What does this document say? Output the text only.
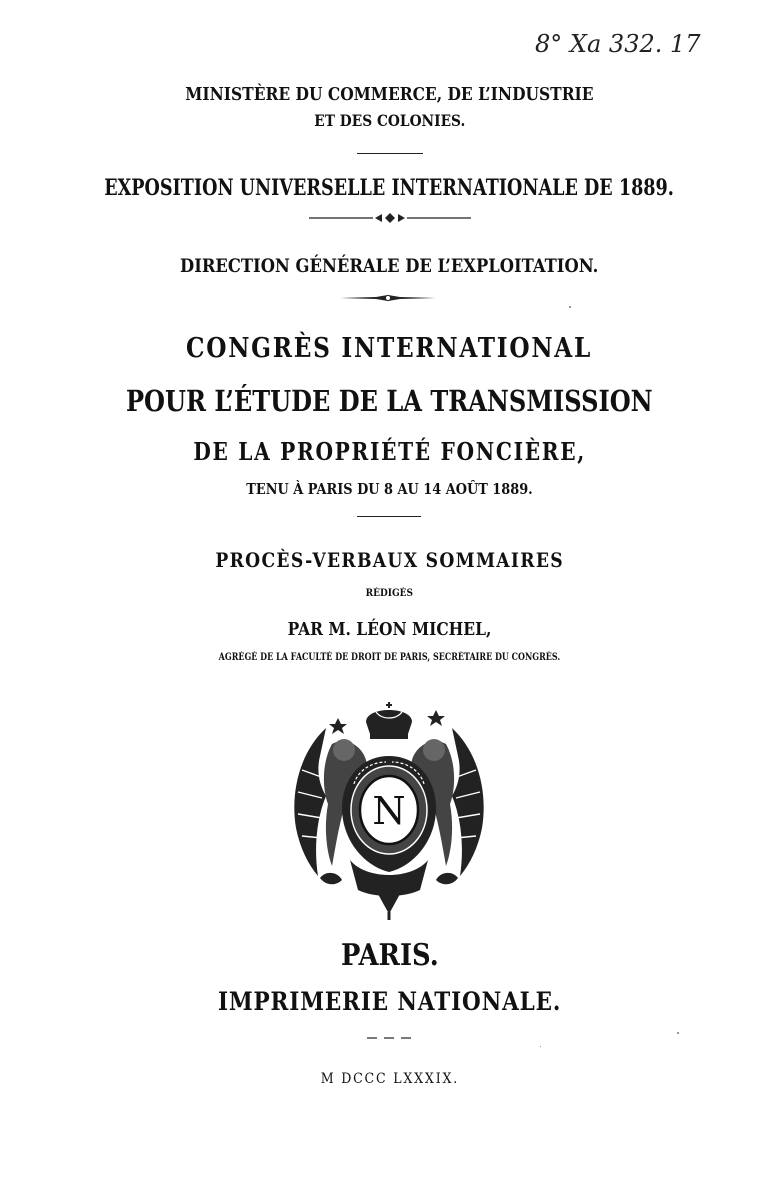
8° Xa 332. 17
MINISTÈRE DU COMMERCE, DE L’INDUSTRIE
ET DES COLONIES.
EXPOSITION UNIVERSELLE INTERNATIONALE DE 1889.
DIRECTION GÉNÉRALE DE L’EXPLOITATION.
CONGRÈS INTERNATIONAL
POUR L’ÉTUDE DE LA TRANSMISSION
DE LA PROPRIÉTÉ FONCIÈRE,
TENU À PARIS DU 8 AU 14 AOÛT 1889.
PROCÈS-VERBAUX SOMMAIRES
RÉDIGÉS
PAR M. LÉON MICHEL,
AGRÉGÉ DE LA FACULTÉ DE DROIT DE PARIS, SECRÉTAIRE DU CONGRÈS.
N
PARIS.
IMPRIMERIE NATIONALE.
M DCCC LXXXIX.
